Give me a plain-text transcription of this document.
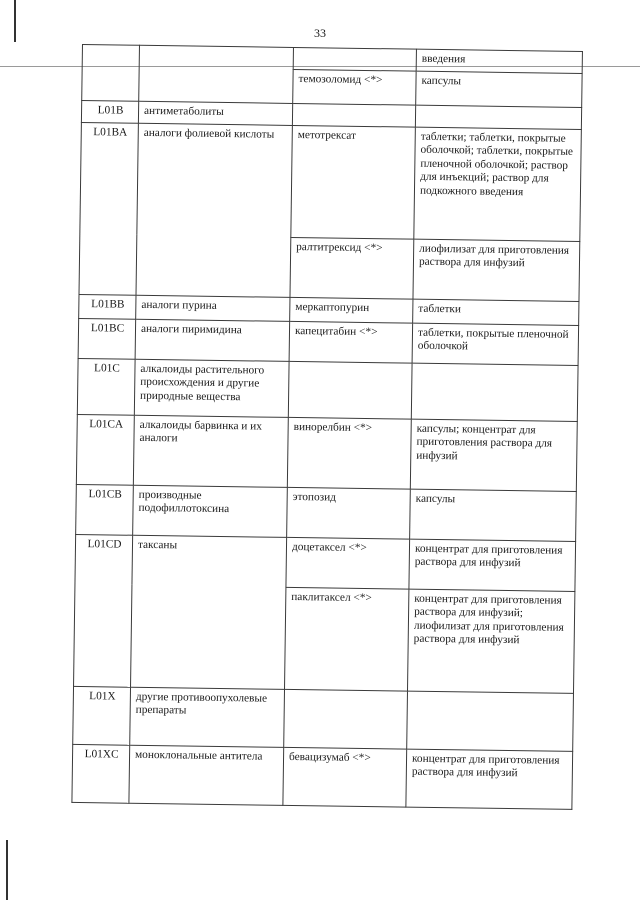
33
			введения
		темозоломид <*>	капсулы
L01B	антиметаболиты		
L01BA	аналоги фолиевой кислоты	метотрексат	таблетки; таблетки, покрытые оболочкой; таблетки, покрытые пленочной оболочкой; раствор для инъекций; раствор для подкожного введения
		ралтитрексид <*>	лиофилизат для приготовления раствора для инфузий
L01BB	аналоги пурина	меркаптопурин	таблетки
L01BC	аналоги пиримидина	капецитабин <*>	таблетки, покрытые пленочной оболочкой
L01C	алкалоиды растительного происхождения и другие природные вещества		
L01CA	алкалоиды барвинка и их аналоги	винорелбин <*>	капсулы; концентрат для приготовления раствора для инфузий
L01CB	производные подофиллотоксина	этопозид	капсулы
L01CD	таксаны	доцетаксел <*>	концентрат для приготовления раствора для инфузий
		паклитаксел <*>	концентрат для приготовления раствора для инфузий; лиофилизат для приготовления раствора для инфузий
L01X	другие противоопухолевые препараты		
L01XC	моноклональные антитела	бевацизумаб <*>	концентрат для приготовления раствора для инфузий
